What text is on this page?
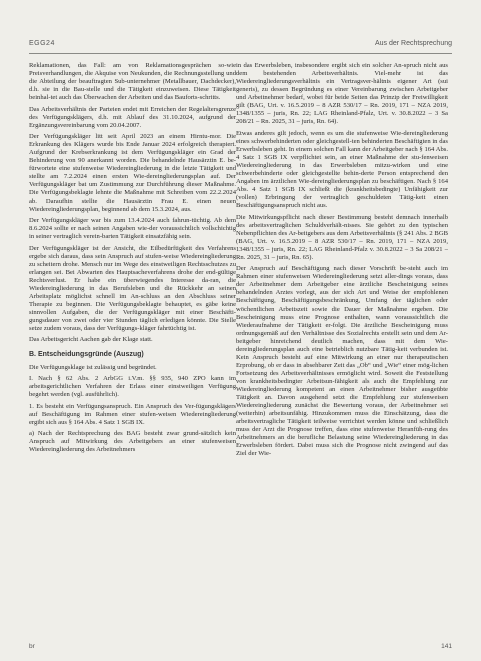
EGG24	Aus der Rechtsprechung

Reklamationen, das Fall: am von Reklamationsgesprächen so-wie Preisverhandlungen, die Akquise von Neukunden, die Rechnungsstellung und die Abteilung der beauftragten Sub-unternehmer (Metallbauer, Dachdecker), d.h. sie in die Bau-stelle und die Tätigkeit einzuweisen. Diese Tätigkeit beinhal-tet auch das Überwachen der Arbeiten und das Bauforts-schritts.

Das Arbeitsverhältnis der Parteien endet mit Erreichen der Regelaltersgrenze des Verfügungsklägers, d.h. mit Ablauf des 31.10.2024, aufgrund der Ergänzungsvereinbarung vom 20.04.2007.

Der Verfügungskläger litt seit April 2023 an einem Hirntu-mor. Die Erkrankung des Klägers wurde bis Ende Januar 2024 erfolgreich therapiert. Aufgrund der Krebserkrankung ist dem Verfügungskläger ein Grad der Behinderung von 90 anerkannt worden. Die behandelnde Hausärztin E. be-fürwortete eine stufenweise Wiedereingliederung in die letzte Tätigkeit und stellte am 7.2.2024 einen ersten Wie-dereingliederungsplan auf. Der Verfügungskläger bat um Zustimmung zur Durchführung dieser Maßnahme. Die Verfügungsbeklagte lehnte die Maßnahme mit Schreiben vom 22.2.2024 ab. Daraufhin stellte die Hausärztin Frau E. einen neuen Wiedereingliederungsplan, beginnend ab dem 15.3.2024, aus.

Der Verfügungskläger war bis zum 13.4.2024 auch fahrun-tüchtig. Ab dem 8.6.2024 sollte er nach seinen Angaben wie-der voraussichtlich vollschichtig in seiner vertraglich verein-barten Tätigkeit einsatzfähig sein.

Der Verfügungskläger ist der Ansicht, die Eilbedürftigkeit des Verfahrens ergebe sich daraus, dass sein Anspruch auf stufen-weise Wiedereingliederung zu scheitern drohe. Mensch nur im Wege des einstweiligen Rechtsschutzes zu erlangen sei. Bei Abwarten des Hauptsacheverfahrens drohe der end-gültige Rechtsverlust. Er habe ein überwiegendes Interesse da-ran, die Wiedereingliederung in das Berufsleben und die Rückkehr an seinen Arbeitsplatz möglichst schnell im An-schluss an den Abschluss seiner Therapie zu beginnen. Die Verfügungsbeklagte behauptet, es gäbe keine sinnvollen Aufgaben, die der Verfügungskläger mit einer Beschäfti-gungsdauer von zwei oder vier Stunden täglich erledigen könnte. Die Stelle setze zudem voraus, dass der Verfügungs-kläger fahrtüchtig ist.

Das Arbeitsgericht Aachen gab der Klage statt.

B. Entscheidungsgründe (Auszug)

Die Verfügungsklage ist zulässig und begründet.

I. Nach § 62 Abs. 2 ArbGG i.V.m. §§ 935, 940 ZPO kann im arbeitsgerichtlichen Verfahren der Erlass einer einstweiligen Verfügung begehrt werden (vgl. ausführlich).

1. Es besteht ein Verfügungsanspruch. Ein Anspruch des Ver-fügungsklägers auf Beschäftigung im Rahmen einer stufen-weisen Wiedereingliederung ergibt sich aus § 164 Abs. 4 Satz 1 SGB IX.

a) Nach der Rechtsprechung des BAG besteht zwar grund-sätzlich kein Anspruch auf Mitwirkung des Arbeitgebers an einer stufenweisen Wiedereingliederung des Arbeitnehmers

in das Erwerbsleben, insbesondere ergibt sich ein solcher An-spruch nicht aus dem bestehenden Arbeitsverhältnis. Viel-mehr ist das Wiedereingliederungsverhältnis ein Vertragsver-hältnis eigener Art (sui generis), zu dessen Begründung es einer Vereinbarung zwischen Arbeitgeber und Arbeitnehmer bedarf, wobei für beide Seiten das Prinzip der Freiwilligkeit gilt (BAG, Urt. v. 16.5.2019 – 8 AZR 530/17 – Rn. 2019, 171 – NZA 2019, 1348/1355 – juris, Rn. 22; LAG Rheinland-Pfalz, Urt. v. 30.8.2022 – 3 Sa 208/21 – Rn. 2025, 31 – juris, Rn. 64).

Etwas anderes gilt jedoch, wenn es um die stufenweise Wie-dereingliederung eines schwerbehinderten oder gleichgestell-ten behinderten Beschäftigten in das Erwerbsleben geht. In einem solchen Fall kann der Arbeitgeber nach § 164 Abs. 4 Satz 1 SGB IX verpflichtet sein, an einer Maßnahme der stu-fenweisen Wiedereingliederung in das Erwerbsleben mitzu-wirken und eine schwerbehinderte oder gleichgestellte behin-derte Person entsprechend den Angaben im ärztlichen Wie-dereingliederungsplan zu beschäftigen. Nach § 164 Abs. 4 Satz 1 SGB IX schließt die (krankheitsbedingte) Unfähigkeit zur (vollen) Erbringung der vertraglich geschuldeten Tätig-keit einen Beschäftigungsanspruch nicht aus.

Die Mitwirkungspflicht nach dieser Bestimmung besteht demnach innerhalb des arbeitsvertraglichen Schuldverhält-nisses. Sie gehört zu den typischen Nebenpflichten des Ar-beitgebers aus dem Arbeitsverhältnis (§ 241 Abs. 2 BGB (BAG, Urt. v. 16.5.2019 – 8 AZR 530/17 – Rn. 2019, 171 – NZA 2019, 1348/1355 – juris, Rn. 22; LAG Rheinland-Pfalz v. 30.8.2022 – 3 Sa 208/21 – Rn. 2025, 31 – juris, Rn. 65).

Der Anspruch auf Beschäftigung nach dieser Vorschrift be-steht auch im Rahmen einer stufenweisen Wiedereingliederung setzt aller-dings voraus, dass der Arbeitnehmer dem Arbeitgeber eine ärztliche Bescheinigung seines behandelnden Arztes vorlegt, aus der sich Art und Weise der empfohlenen Beschäftigung, Beschäftigungsbeschränkung, Umfang der täglichen oder wöchentlichen Arbeitszeit sowie die Dauer der Maßnahme ergeben. Die Bescheinigung muss eine Prognose enthalten, wann voraussichtlich die Wiederaufnahme der Tätigkeit er-folgt. Die ärztliche Bescheinigung muss ordnungsgemäß auf den Verhältnisse des Sozialrechts erstellt sein und dem Ar-beitgeber hinreichend deutlich machen, dass mit dem Wie-dereingliederungsplan auch eine betrieblich nutzbare Tätig-keit verbunden ist. Kein Anspruch besteht auf eine Mitwirkung an einer nur therapeutischen Erprobung, ob er dass in absehbarer Zeit das „Ob“ und „Wie“ einer mög-lichen Fortsetzung des Arbeitsverhältnisses ermöglicht wird. Soweit die Feststellung von krankheitsbedingter Arbeitsun-fähigkeit als auch die Empfehlung zur Wiedereingliederung kompetent an einen Arbeitnehmer bisher ausgeübte Tätigkeit an. Davon ausgehend setzt die Empfehlung zur stufenweisen Wiedereingliederung zunächst die Bewertung voraus, der Arbeitnehmer sei (weiterhin) arbeitsunfähig. Hinzukommen muss die Einschätzung, dass die arbeitsvertragliche Tätigkeit teilweise verrichtet werden könne und schließlich muss der Arzt die Prognose treffen, dass eine stufenweise Heranfüh-rung des Arbeitnehmers an die berufliche Belastung seine Wiedereingliederung in das Erwerbsleben fördert. Dabei muss sich die Prognose nicht zwingend auf das Ziel der Wie-

br	141
